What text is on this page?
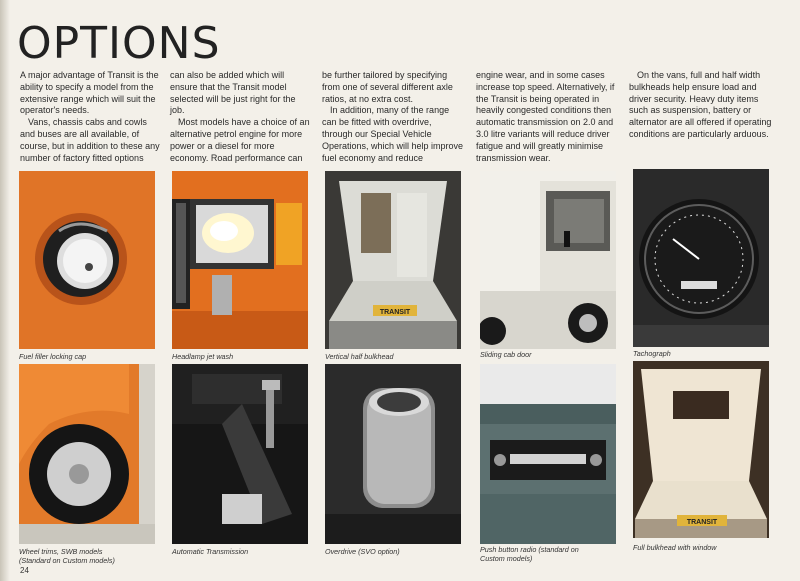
OPTIONS

A major advantage of Transit is the ability to specify a model from the extensive range which will suit the operator's needs.

Vans, chassis cabs and cowls and buses are all available, of course, but in addition to these any number of factory fitted options

can also be added which will ensure that the Transit model selected will be just right for the job.

Most models have a choice of an alternative petrol engine for more power or a diesel for more economy. Road performance can

be further tailored by specifying from one of several different axle ratios, at no extra cost.

In addition, many of the range can be fitted with overdrive, through our Special Vehicle Operations, which will help improve fuel economy and reduce

engine wear, and in some cases increase top speed. Alternatively, if the Transit is being operated in heavily congested conditions then automatic transmission on 2.0 and 3.0 litre variants will reduce driver fatigue and will greatly minimise transmission wear.

On the vans, full and half width bulkheads help ensure load and driver security. Heavy duty items such as suspension, battery or alternator are all offered if operating conditions are particularly arduous.

TRANSIT
Fuel filler locking cap	Headlamp jet wash	Vertical half bulkhead	Sliding cab door	Tachograph
TRANSIT
Wheel trims, SWB models
(Standard on Custom models)
Automatic Transmission	Overdrive (SVO option)	Push button radio (standard on
Custom models)
Full bulkhead with window
24
